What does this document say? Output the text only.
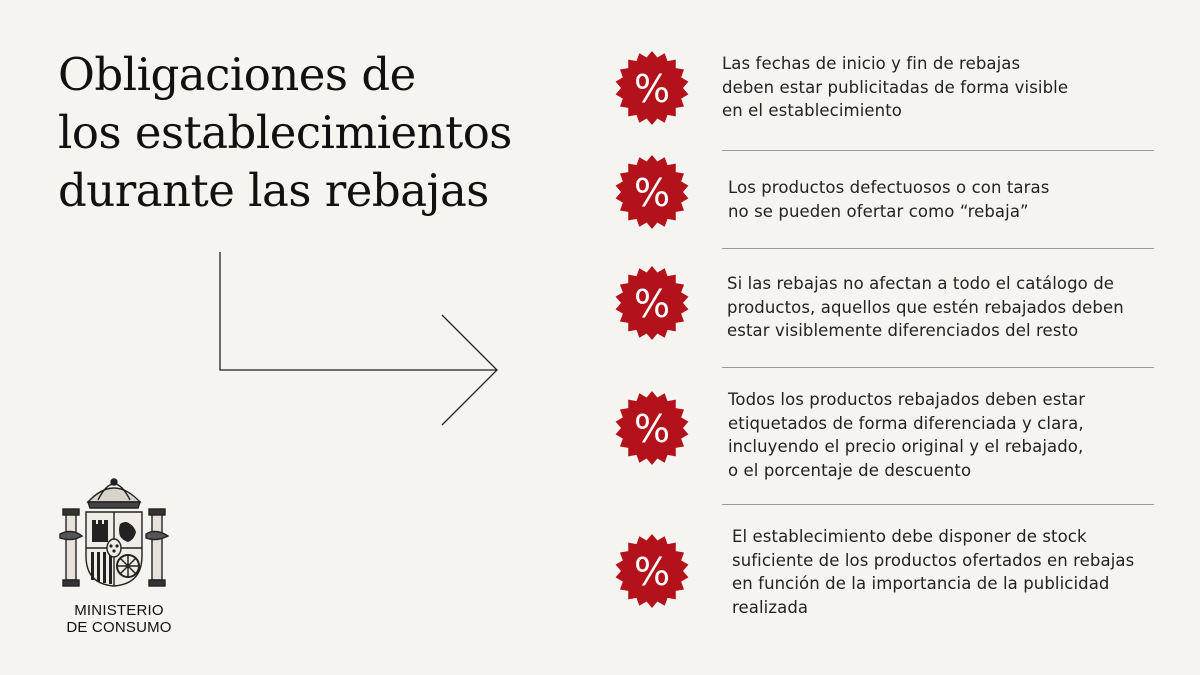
Obligaciones de
los establecimientos
durante las rebajas
MINISTERIO
DE CONSUMO
%
Las fechas de inicio y fin de rebajas
deben estar publicitadas de forma visible
en el establecimiento
%	Los productos defectuosos o con taras
no se pueden ofertar como “rebaja”
%	Si las rebajas no afectan a todo el catálogo de
productos, aquellos que estén rebajados deben
estar visiblemente diferenciados del resto
%
Todos los productos rebajados deben estar
etiquetados de forma diferenciada y clara,
incluyendo el precio original y el rebajado,
o el porcentaje de descuento
%
El establecimiento debe disponer de stock
suficiente de los productos ofertados en rebajas
en función de la importancia de la publicidad
realizada
